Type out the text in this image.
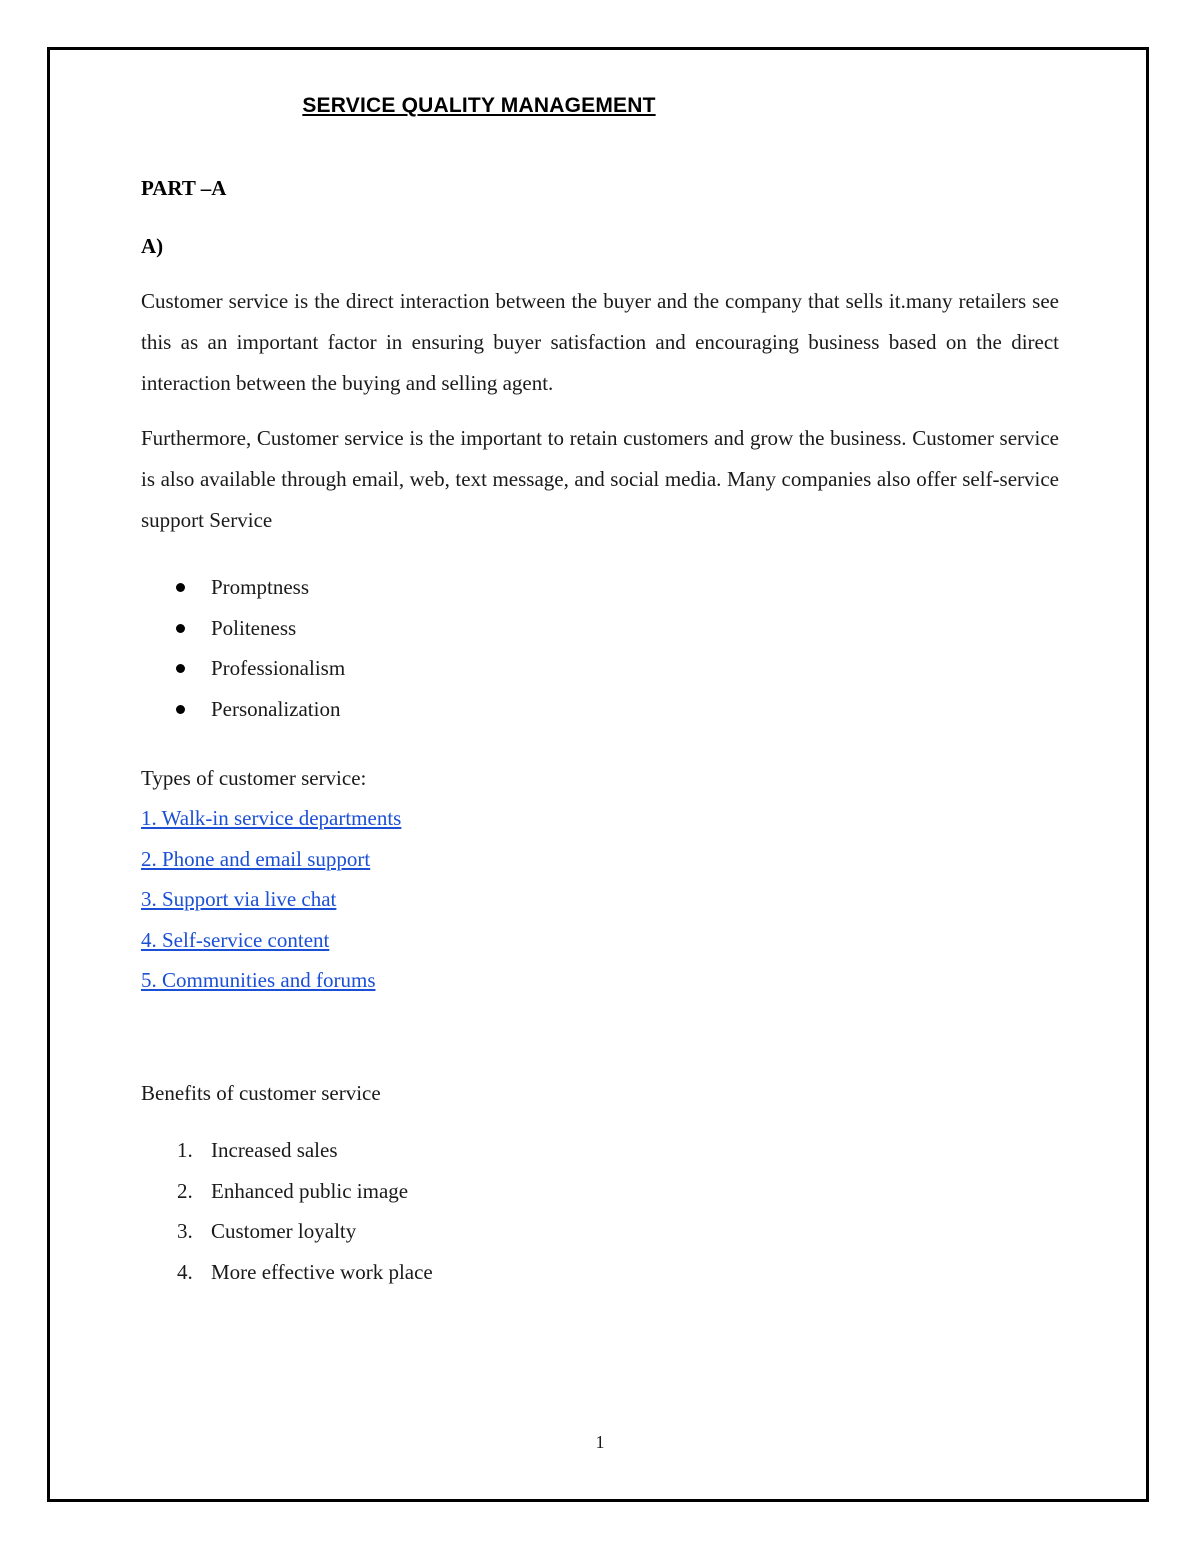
SERVICE QUALITY MANAGEMENT
PART –A
A)
Customer service is the direct interaction between the buyer and the company that sells it.many retailers see this as an important factor in ensuring buyer satisfaction and encouraging business based on the direct interaction between the buying and selling agent.
Furthermore, Customer service is the important to retain customers and grow the business. Customer service is also available through email, web, text message, and social media. Many companies also offer self-service support Service
Promptness
Politeness
Professionalism
Personalization
Types of customer service:
1. Walk-in service departments
2. Phone and email support
3. Support via live chat
4. Self-service content
5. Communities and forums
Benefits of customer service
1. Increased sales
2. Enhanced public image
3. Customer loyalty
4. More effective work place
1
